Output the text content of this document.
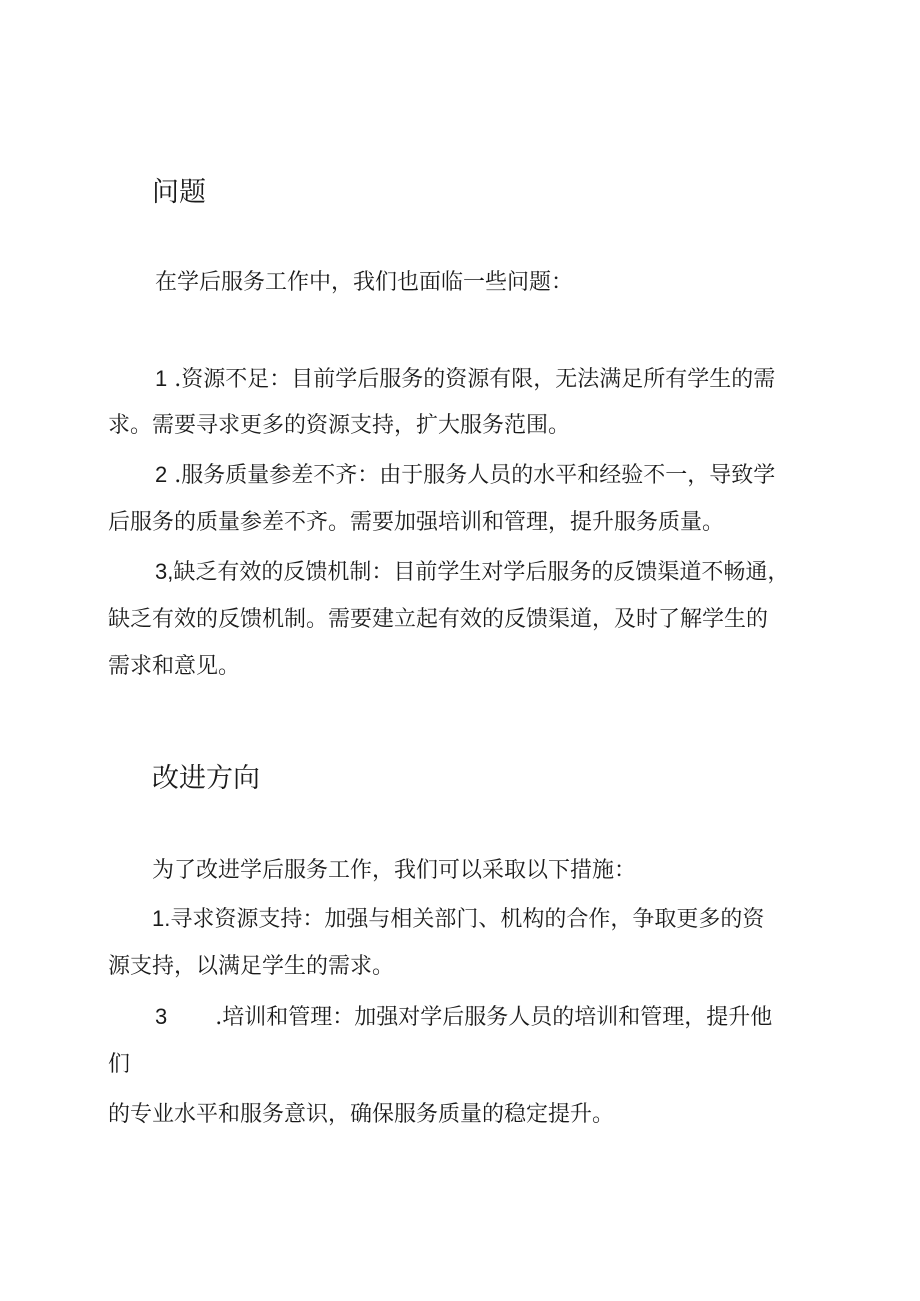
问题

在学后服务工作中，我们也面临一些问题：

1 .资源不足：目前学后服务的资源有限，无法满足所有学生的需

求。需要寻求更多的资源支持，扩大服务范围。

2 .服务质量参差不齐：由于服务人员的水平和经验不一，导致学

后服务的质量参差不齐。需要加强培训和管理，提升服务质量。

3,缺乏有效的反馈机制：目前学生对学后服务的反馈渠道不畅通，

缺乏有效的反馈机制。需要建立起有效的反馈渠道，及时了解学生的

需求和意见。

改进方向

为了改进学后服务工作，我们可以采取以下措施：

1.寻求资源支持：加强与相关部门、机构的合作，争取更多的资

源支持，以满足学生的需求。

3 .培训和管理：加强对学后服务人员的培训和管理，提升他

们

的专业水平和服务意识，确保服务质量的稳定提升。
